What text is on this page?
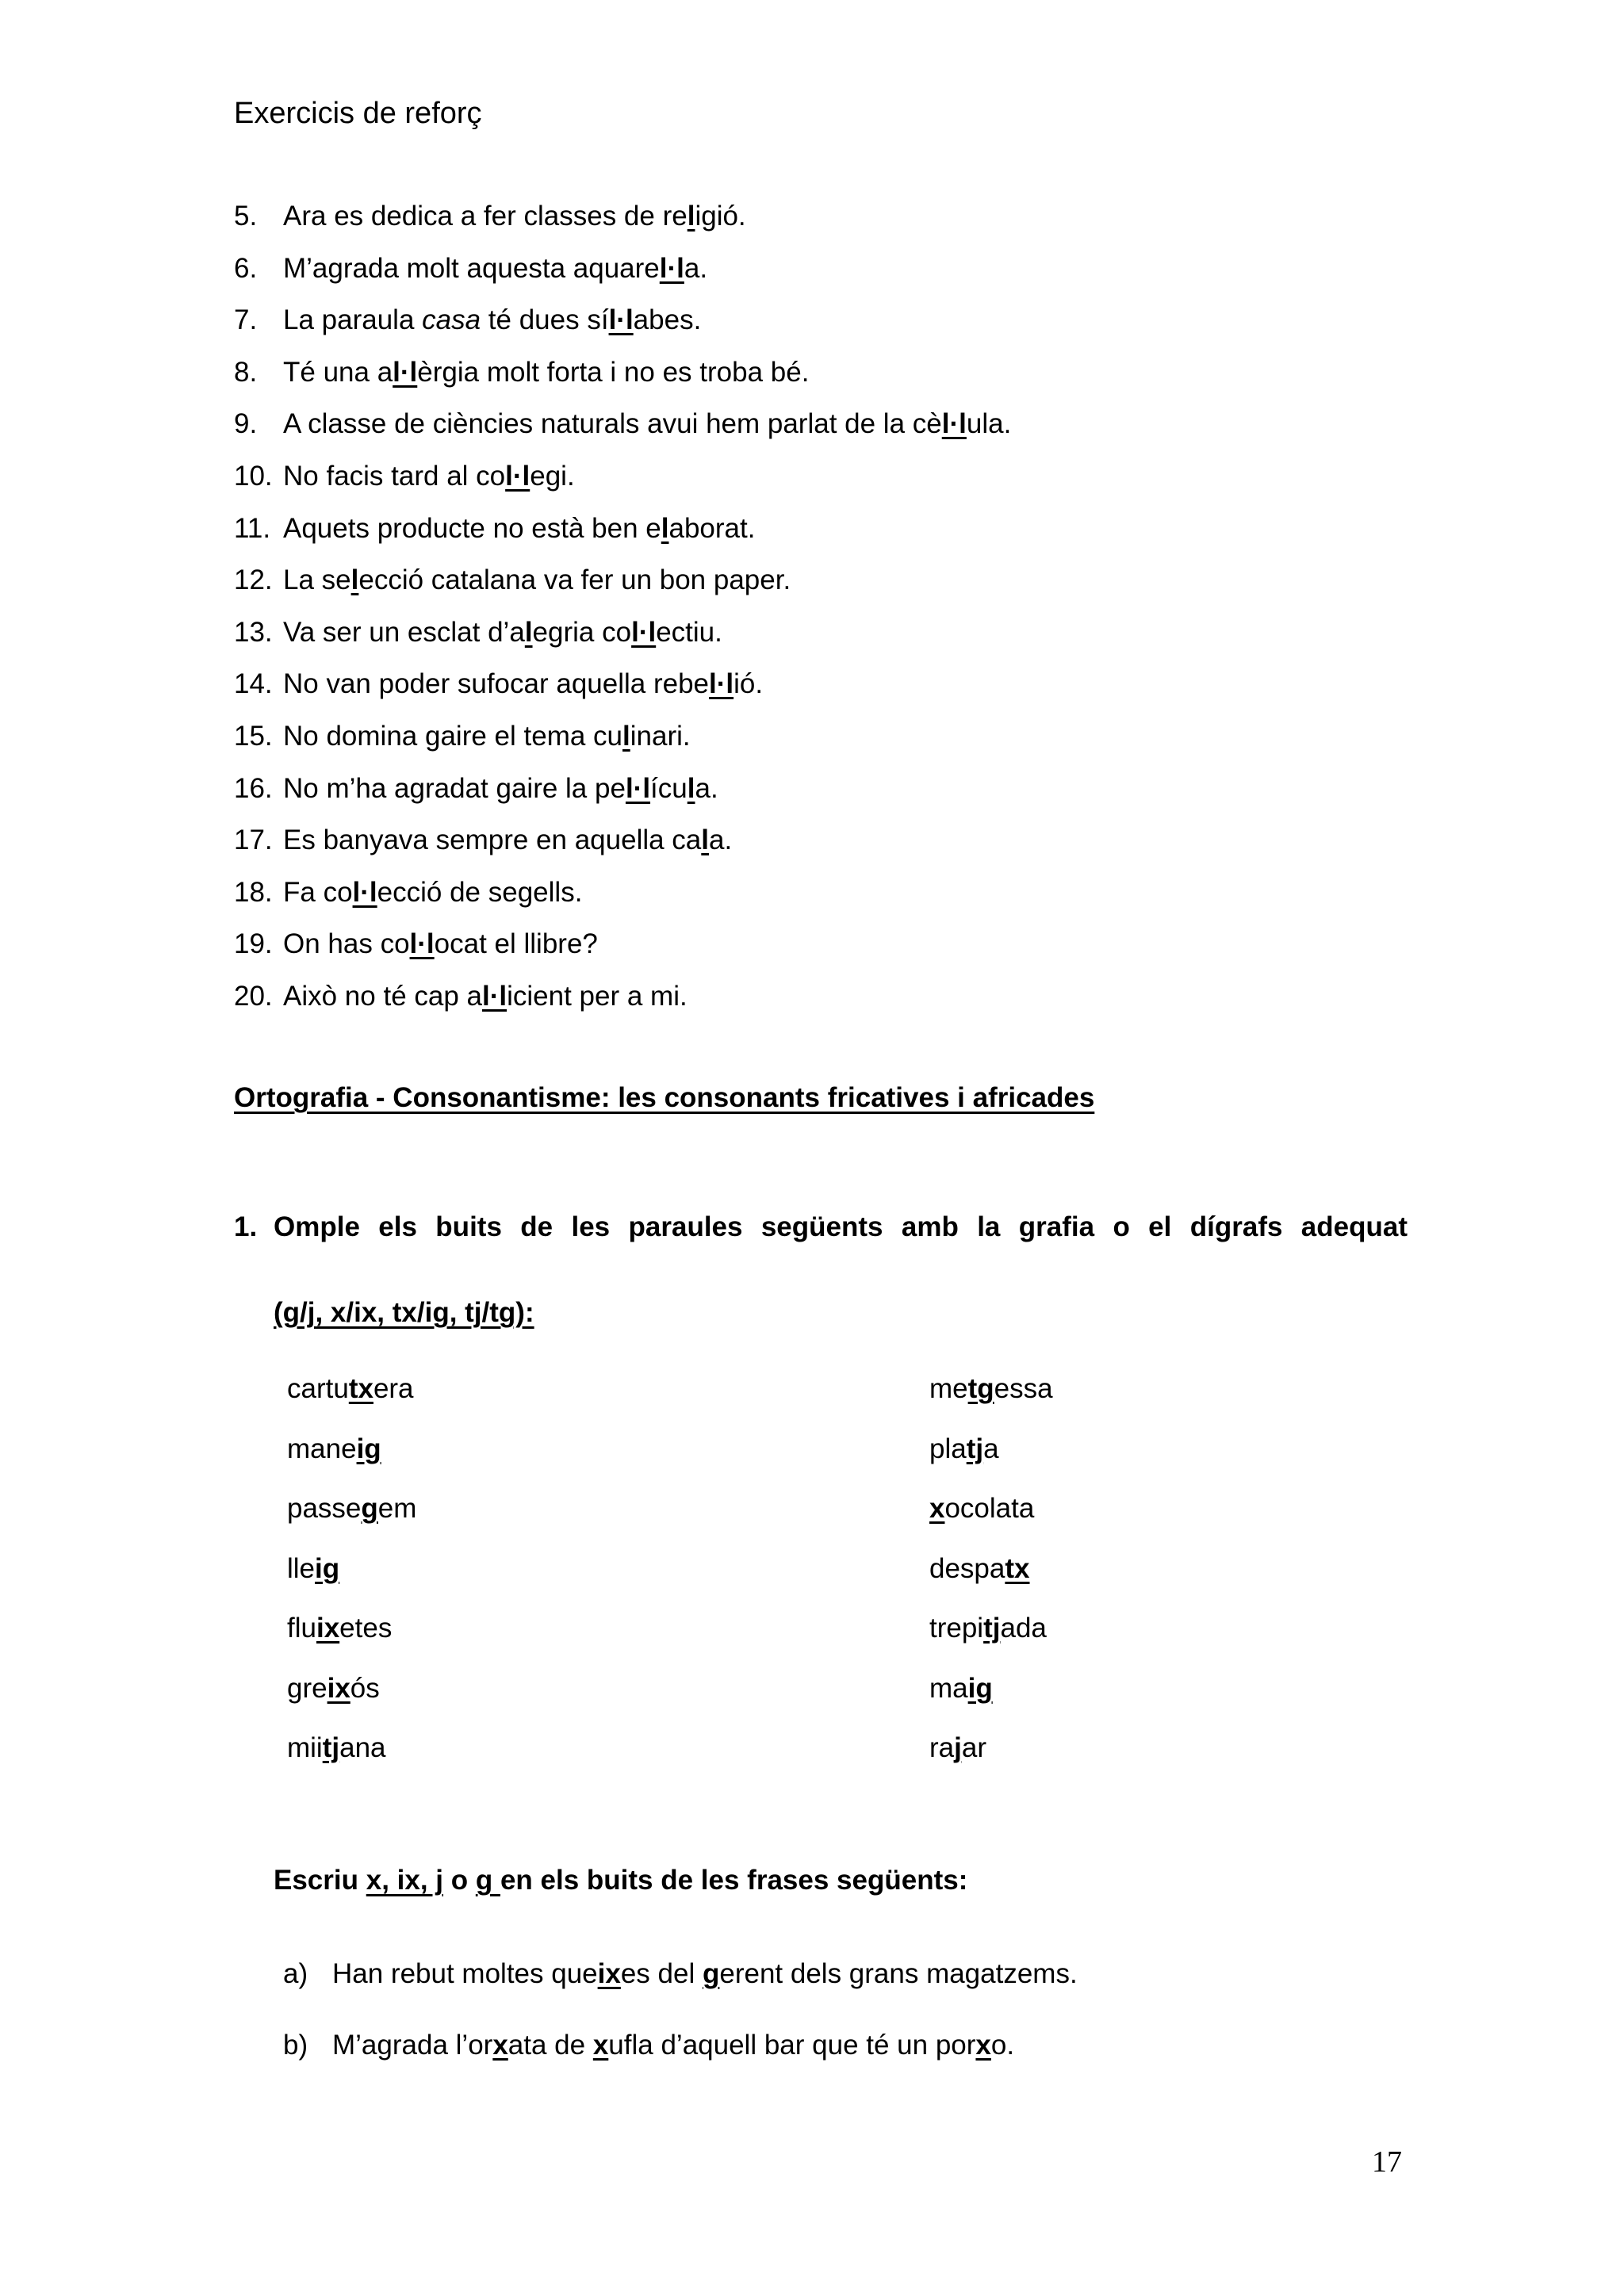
Exercicis de reforç
5. Ara es dedica a fer classes de religió.
6. M’agrada molt aquesta aquarel·la.
7. La paraula casa té dues síl·labes.
8. Té una al·lèrgia molt forta i no es troba bé.
9. A classe de ciències naturals avui hem parlat de la cèl·lula.
10. No facis tard al col·legi.
11. Aquets producte no està ben elaborat.
12. La selecció catalana va fer un bon paper.
13. Va ser un esclat d’alegria col·lectiu.
14. No van poder sufocar aquella rebel·lió.
15. No domina gaire el tema culinari.
16. No m’ha agradat gaire la pel·lícula.
17. Es banyava sempre en aquella cala.
18. Fa col·lecció de segells.
19. On has col·locat el llibre?
20. Això no té cap al·licient per a mi.
Ortografia - Consonantisme: les consonants fricatives i africades
1. Omple els buits de les paraules següents amb la grafia o el dígrafs adequat
(g/j, x/ix, tx/ig, tj/tg):
cartutxera
maneig
passegem
lleig
fluixetes
greixós
miitjana
metgessa
platja
xocolata
despatx
trepitjada
maig
rajar
Escriu x, ix, j o g en els buits de les frases següents:
a) Han rebut moltes queixes del gerent dels grans magatzems.
b) M’agrada l’orxata de xufla d’aquell bar que té un porxo.
17
